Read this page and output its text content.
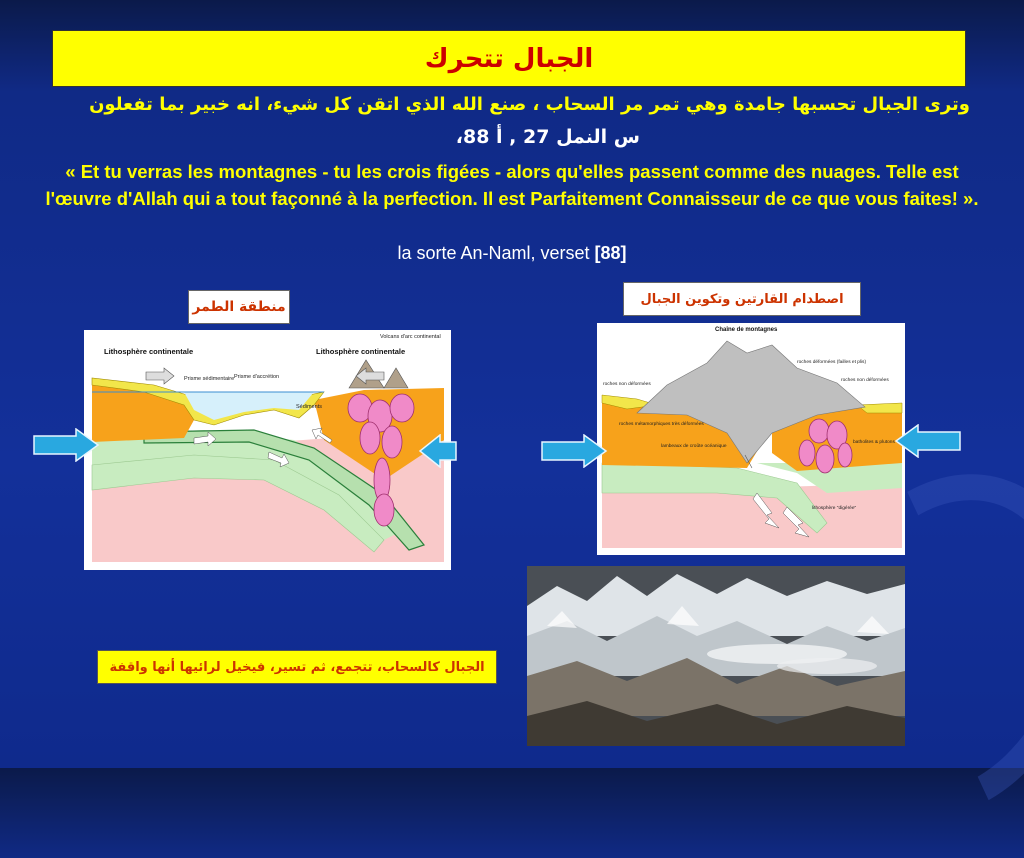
الجبال تتحرك
وترى الجبال تحسبها جامدة وهي تمر مر السحاب ، صنع الله الذي اتقن كل شيء، انه خبير بما تفعلون
س النمل 27 , أ 88،
« Et tu verras les montagnes - tu les crois figées - alors qu'elles passent comme des nuages. Telle est l'œuvre d'Allah qui a tout façonné à la perfection. Il est Parfaitement Connaisseur de ce que vous faites! ».
la sorte An-Naml, verset [88]
منطقة الطمر	اصطدام القارتين وتكوين الجبال
Lithosphère continentale	Lithosphère continentale
Volcans d'arc continental
Prisme sédimentaire Prisme d'accrétion
Sédiments
Chaîne de montagnes
roches déformées (failles et plis)
roches non déformées
roches non déformées
roches métamorphiques très déformées
lambeaux de croûte océanique
batholites & plutons
lithosphère "digérée"
الجبال كالسحاب، تتجمع، ثم تسير، فيخيل لرائيها أنها واقفة
